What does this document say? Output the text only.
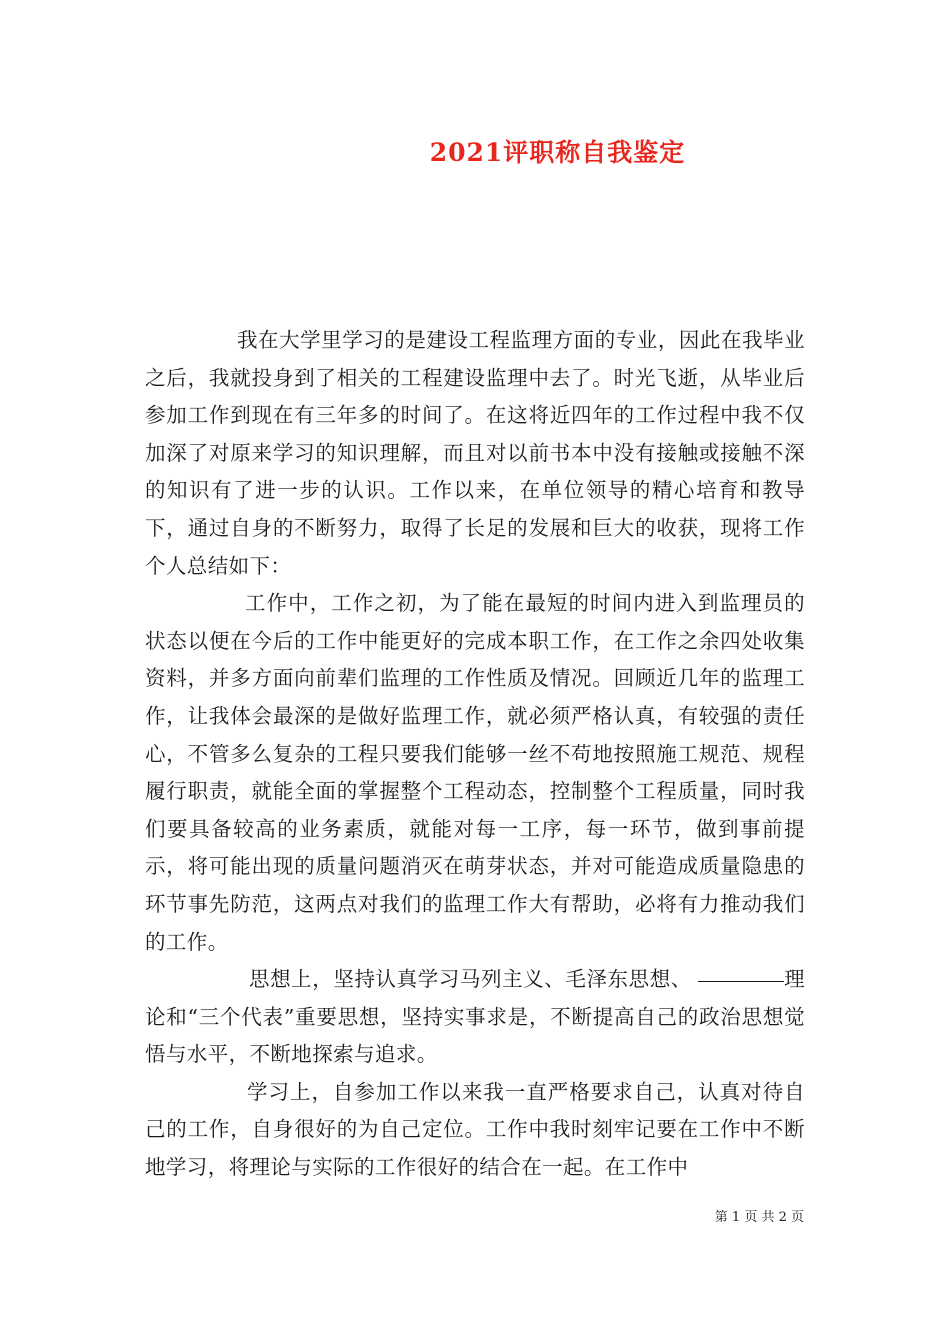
2021评职称自我鉴定

我在大学里学习的是建设工程监理方面的专业，因此在我毕业之后，我就投身到了相关的工程建设监理中去了。时光飞逝，从毕业后参加工作到现在有三年多的时间了。在这将近四年的工作过程中我不仅加深了对原来学习的知识理解，而且对以前书本中没有接触或接触不深的知识有了进一步的认识。工作以来，在单位领导的精心培育和教导下，通过自身的不断努力，取得了长足的发展和巨大的收获，现将工作个人总结如下：

工作中，工作之初，为了能在最短的时间内进入到监理员的状态以便在今后的工作中能更好的完成本职工作，在工作之余四处收集资料，并多方面向前辈们监理的工作性质及情况。回顾近几年的监理工作，让我体会最深的是做好监理工作，就必须严格认真，有较强的责任心，不管多么复杂的工程只要我们能够一丝不苟地按照施工规范、规程履行职责，就能全面的掌握整个工程动态，控制整个工程质量，同时我们要具备较高的业务素质，就能对每一工序，每一环节，做到事前提示，将可能出现的质量问题消灭在萌芽状态，并对可能造成质量隐患的环节事先防范，这两点对我们的监理工作大有帮助，必将有力推动我们的工作。

思想上，坚持认真学习马列主义、毛泽东思想、	理论和“三个代表”重要思想，坚持实事求是，不断提高自己的政治思想觉悟与水平，不断地探索与追求。

学习上，自参加工作以来我一直严格要求自己，认真对待自己的工作，自身很好的为自己定位。工作中我时刻牢记要在工作中不断地学习，将理论与实际的工作很好的结合在一起。在工作中

第 1 页 共 2 页
